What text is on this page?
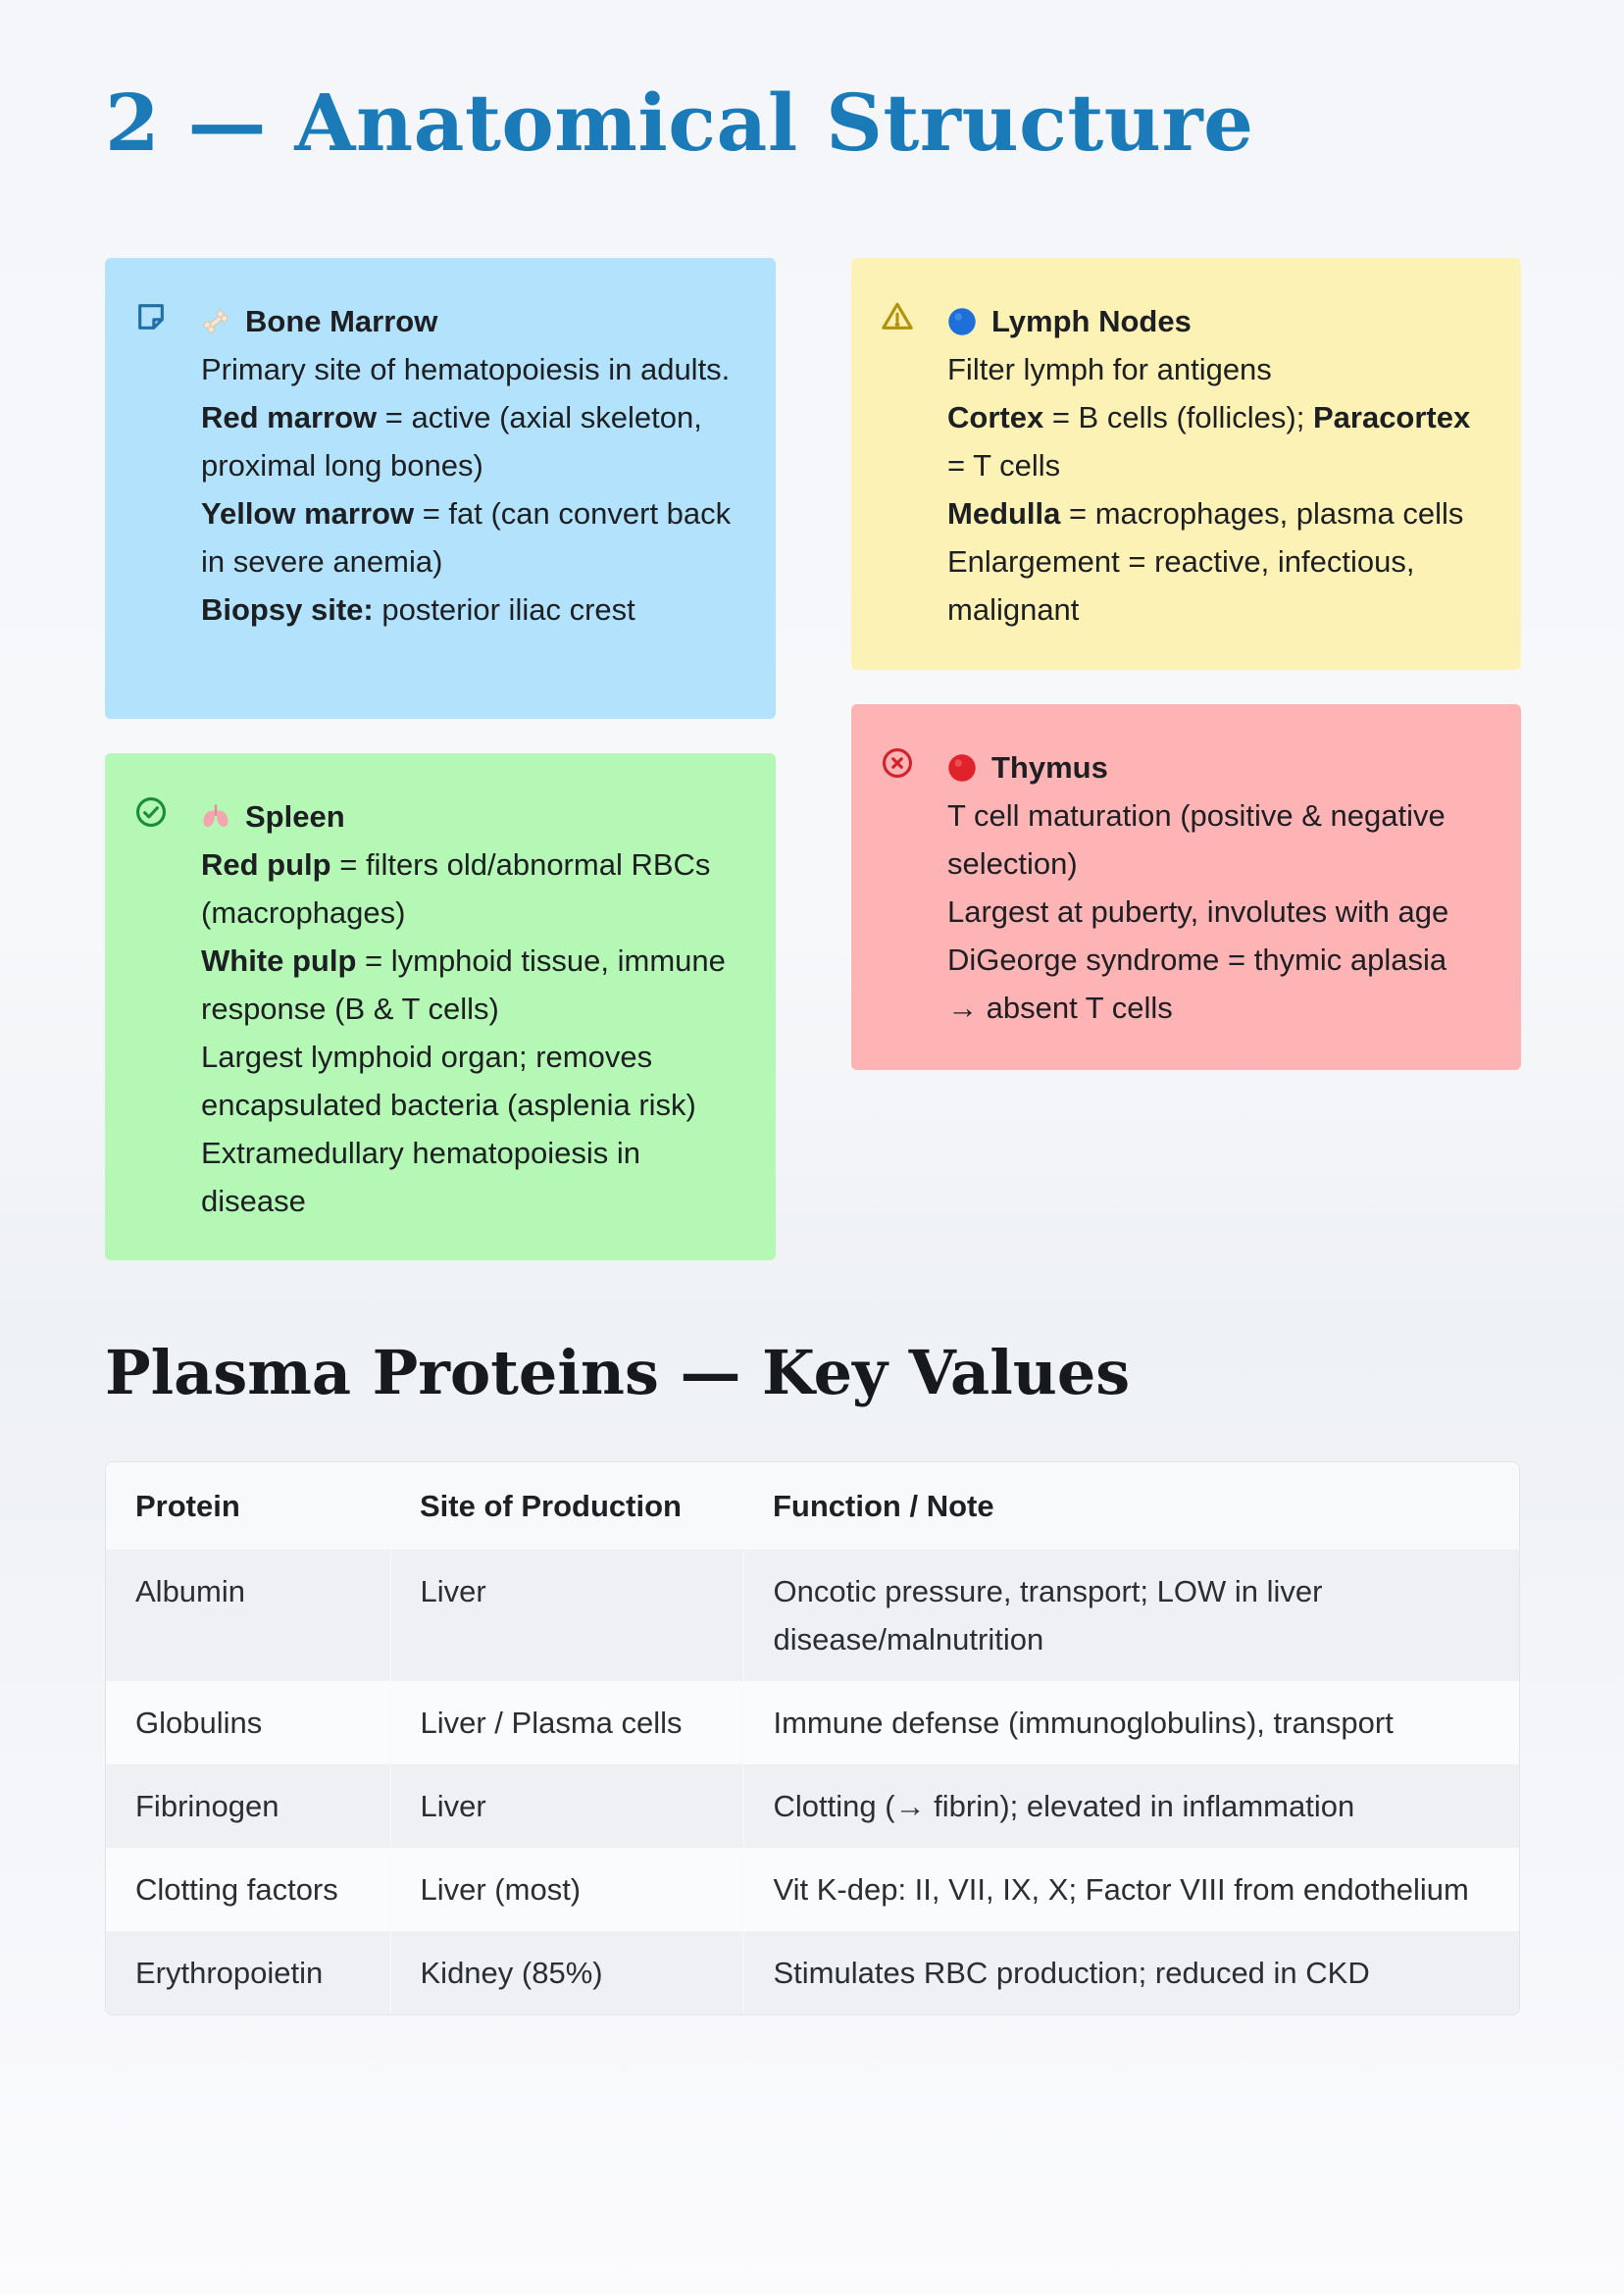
2 — Anatomical Structure
Bone Marrow
Primary site of hematopoiesis in adults.
Red marrow = active (axial skeleton, proximal long bones)
Yellow marrow = fat (can convert back in severe anemia)
Biopsy site: posterior iliac crest
Lymph Nodes
Filter lymph for antigens
Cortex = B cells (follicles); Paracortex = T cells
Medulla = macrophages, plasma cells
Enlargement = reactive, infectious, malignant
Thymus
T cell maturation (positive & negative selection)
Largest at puberty, involutes with age
DiGeorge syndrome = thymic aplasia → absent T cells
Spleen
Red pulp = filters old/abnormal RBCs (macrophages)
White pulp = lymphoid tissue, immune response (B & T cells)
Largest lymphoid organ; removes encapsulated bacteria (asplenia risk)
Extramedullary hematopoiesis in disease
Plasma Proteins — Key Values
Protein	Site of Production	Function / Note
Albumin	Liver	Oncotic pressure, transport; LOW in liver disease/malnutrition
Globulins	Liver / Plasma cells	Immune defense (immunoglobulins), transport
Fibrinogen	Liver	Clotting (→ fibrin); elevated in inflammation
Clotting factors	Liver (most)	Vit K-dep: II, VII, IX, X; Factor VIII from endothelium
Erythropoietin	Kidney (85%)	Stimulates RBC production; reduced in CKD
